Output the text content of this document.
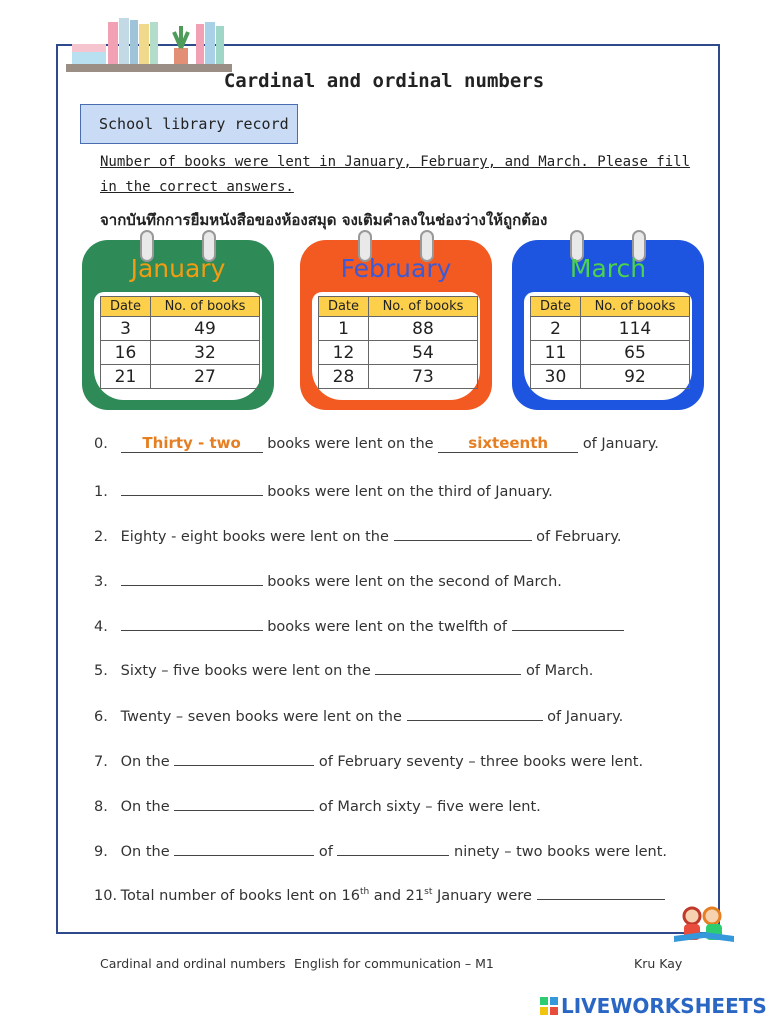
Cardinal and ordinal numbers
School library record
Number of books were lent in January, February, and March. Please fill in the correct answers.
จากบันทึกการยืมหนังสือของห้องสมุด จงเติมคำลงในช่องว่างให้ถูกต้อง
January
Date	No. of books
3	49
16	32
21	27
February
Date	No. of books
1	88
12	54
28	73
March
Date	No. of books
2	114
11	65
30	92
0. Thirty - two books were lent on the sixteenth of January.
1.	books were lent on the third of January.
2. Eighty - eight books were lent on the	of February.
3.	books were lent on the second of March.
4.	books were lent on the twelfth of
5. Sixty – five books were lent on the	of March.
6. Twenty – seven books were lent on the	of January.
7. On the	of February seventy – three books were lent.
8. On the	of March sixty – five were lent.
9. On the	of	ninety – two books were lent.
10. Total number of books lent on 16th and 21st January were
Cardinal and ordinal numbers English for communication – M1	Kru Kay
LIVEWORKSHEETS
